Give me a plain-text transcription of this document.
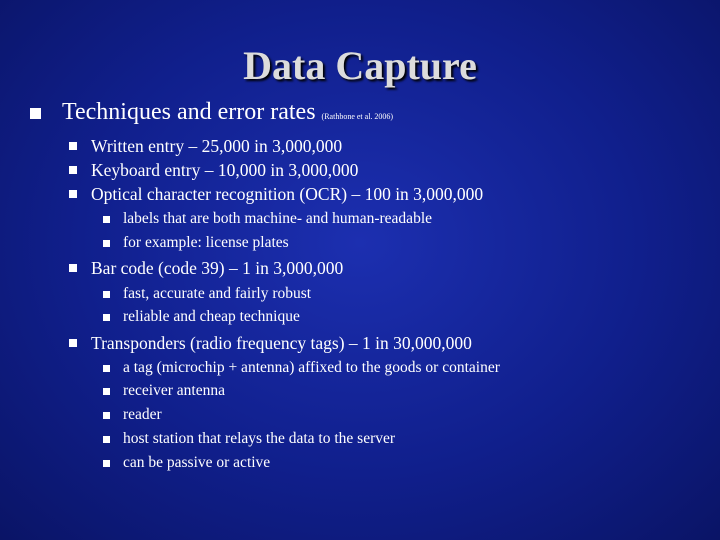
Data Capture
Techniques and error rates (Rathbone et al. 2006)
Written entry – 25,000 in 3,000,000
Keyboard entry – 10,000 in 3,000,000
Optical character recognition (OCR) – 100 in 3,000,000
labels that are both machine- and human-readable
for example: license plates
Bar code (code 39) – 1 in 3,000,000
fast, accurate and fairly robust
reliable and cheap technique
Transponders (radio frequency tags) – 1 in 30,000,000
a tag (microchip + antenna) affixed to the goods or container
receiver antenna
reader
host station that relays the data to the server
can be passive or active
